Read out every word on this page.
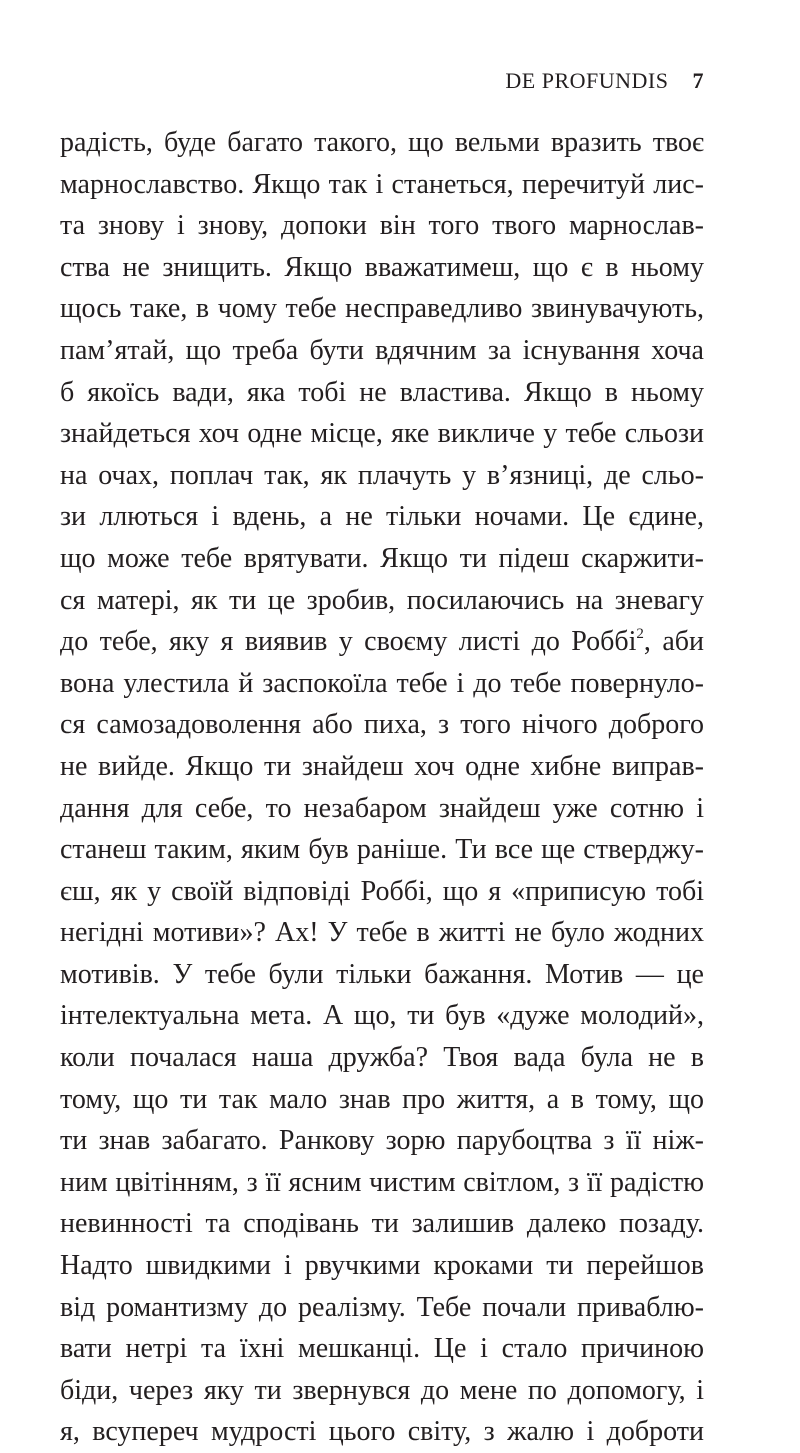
DE PROFUNDIS 7
радість, буде багато такого, що вельми вразить твоє
марнославство. Якщо так і станеться, перечитуй лис-
та знову і знову, допоки він того твого марнослав-
ства не знищить. Якщо вважатимеш, що є в ньому
щось таке, в чому тебе несправедливо звинувачують,
пам’ятай, що треба бути вдячним за існування хоча
б якоїсь вади, яка тобі не властива. Якщо в ньому
знайдеться хоч одне місце, яке викличе у тебе сльози
на очах, поплач так, як плачуть у в’язниці, де сльо-
зи ллються і вдень, а не тільки ночами. Це єдине,
що може тебе врятувати. Якщо ти підеш скаржити-
ся матері, як ти це зробив, посилаючись на зневагу
до тебе, яку я виявив у своєму листі до Роббі$^2$, аби
вона улестила й заспокоїла тебе і до тебе повернуло-
ся самозадоволення або пиха, з того нічого доброго
не вийде. Якщо ти знайдеш хоч одне хибне виправ-
дання для себе, то незабаром знайдеш уже сотню і
станеш таким, яким був раніше. Ти все ще стверджу-
єш, як у своїй відповіді Роббі, що я «приписую тобі
негідні мотиви»? Ах! У тебе в житті не було жодних
мотивів. У тебе були тільки бажання. Мотив — це
інтелектуальна мета. А що, ти був «дуже молодий»,
коли почалася наша дружба? Твоя вада була не в
тому, що ти так мало знав про життя, а в тому, що
ти знав забагато. Ранкову зорю парубоцтва з її ніж-
ним цвітінням, з її ясним чистим світлом, з її радістю
невинності та сподівань ти залишив далеко позаду.
Надто швидкими і рвучкими кроками ти перейшов
від романтизму до реалізму. Тебе почали приваблю-
вати нетрі та їхні мешканці. Це і стало причиною
біди, через яку ти звернувся до мене по допомогу, і
я, всупереч мудрості цього світу, з жалю і доброти
